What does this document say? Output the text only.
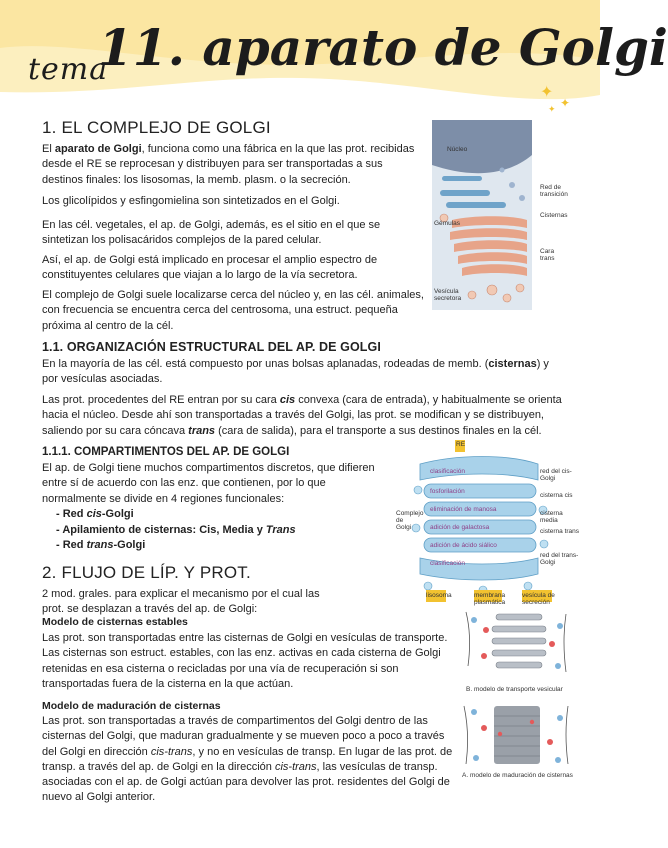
tema
11. aparato de Golgi
✦
✦
✦
1. EL COMPLEJO DE GOLGI

El aparato de Golgi, funciona como una fábrica en la que las prot. recibidas desde el RE se reprocesan y distribuyen para ser transportadas a sus destinos finales: los lisosomas, la memb. plasm. o la secreción.

Los glicolípidos y esfingomielina son sintetizados en el Golgi.

En las cél. vegetales, el ap. de Golgi, además, es el sitio en el que se sintetizan los polisacáridos complejos de la pared celular.

Así, el ap. de Golgi está implicado en procesar el amplio espectro de constituyentes celulares que viajan a lo largo de la vía secretora.

El complejo de Golgi suele localizarse cerca del núcleo y, en las cél. animales, con frecuencia se encuentra cerca del centrosoma, una estruct. pequeña próxima al centro de la cél.

Núcleo
Red de transición
Cisternas
Gémulas
Cara trans
Vesícula secretora
1.1. ORGANIZACIÓN ESTRUCTURAL DEL AP. DE GOLGI

En la mayoría de las cél. está compuesto por unas bolsas aplanadas, rodeadas de memb. (cisternas) y por vesículas asociadas.

Las prot. procedentes del RE entran por su cara cis convexa (cara de entrada), y habitualmente se orienta hacia el núcleo. Desde ahí son transportadas a través del Golgi, las prot. se modifican y se distribuyen, saliendo por su cara cóncava trans (cara de salida), para el transporte a sus destinos finales en la cél.

1.1.1. COMPARTIMENTOS DEL AP. DE GOLGI

El ap. de Golgi tiene muchos compartimentos discretos, que difieren entre sí de acuerdo con las enz. que contienen, por lo que normalmente se divide en 4 regiones funcionales:

- Red cis-Golgi
- Apilamiento de cisternas: Cis, Media y Trans
- Red trans-Golgi
RE
Complejo de Golgi
red del cis-Golgi
cisterna cis
cisterna media
cisterna trans
red del trans-Golgi
clasificación
fosforilación
eliminación de manosa
adición de galactosa
adición de ácido siálico
clasificación
lisosoma	membrana plasmática
vesícula de secreción
2. FLUJO DE LÍP. Y PROT.

2 mod. grales. para explicar el mecanismo por el cual las prot. se desplazan a través del ap. de Golgi:

Modelo de cisternas estables

Las prot. son transportadas entre las cisternas de Golgi en vesículas de transporte. Las cisternas son estruct. estables, con las enz. activas en cada cisterna de Golgi retenidas en esa cisterna o recicladas por una vía de recuperación si son transportadas fuera de la cisterna en la que actúan.

Modelo de maduración de cisternas

Las prot. son transportadas a través de compartimentos del Golgi dentro de las cisternas del Golgi, que maduran gradualmente y se mueven poco a poco a través del Golgi en dirección cis-trans, y no en vesículas de transp. En lugar de las prot. de transp. a través del ap. de Golgi en la dirección cis-trans, las vesículas de transp. asociadas con el ap. de Golgi actúan para devolver las prot. residentes del Golgi de nuevo al Golgi anterior.

B. modelo de transporte vesicular
A. modelo de maduración de cisternas
